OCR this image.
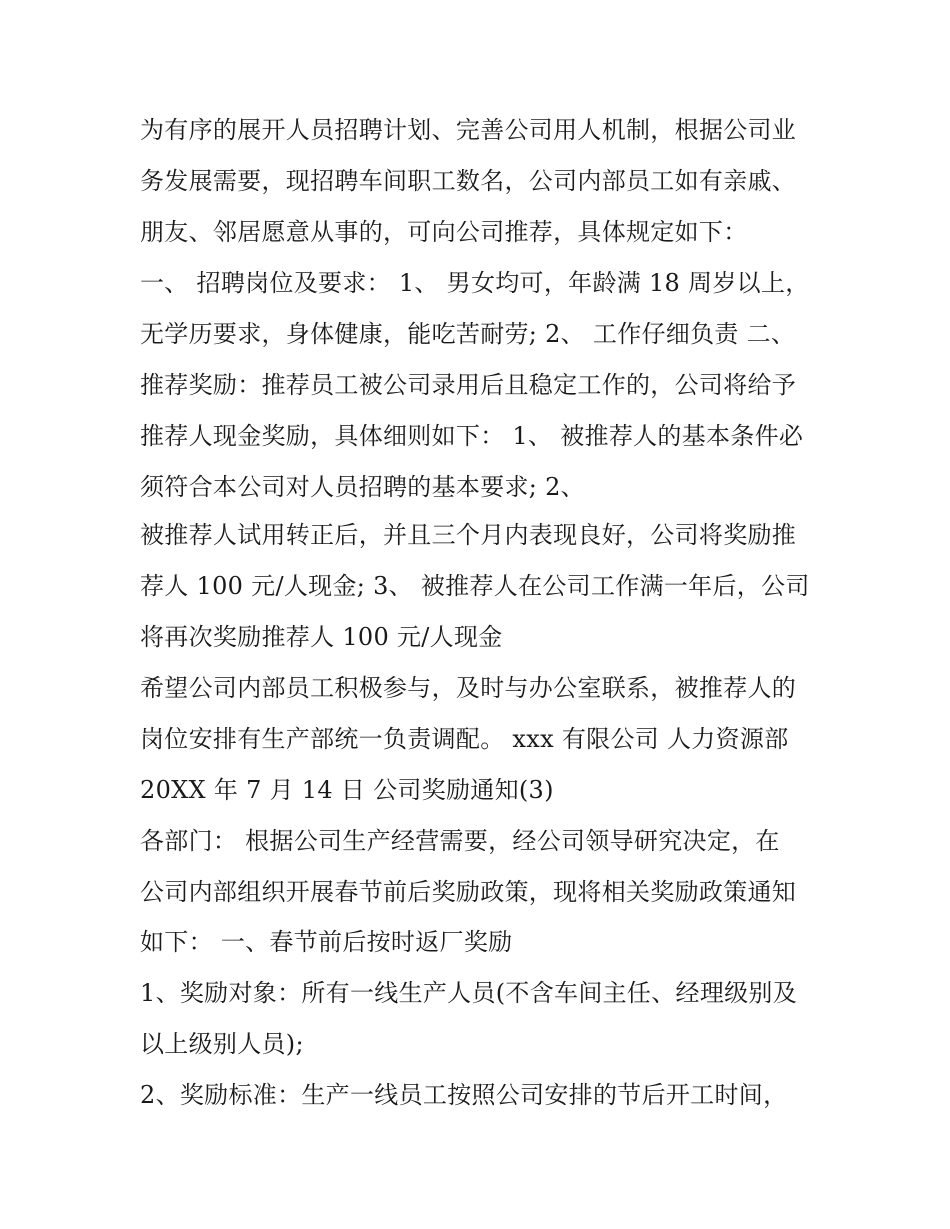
为有序的展开人员招聘计划、完善公司用人机制，根据公司业
务发展需要，现招聘车间职工数名，公司内部员工如有亲戚、
朋友、邻居愿意从事的，可向公司推荐，具体规定如下：
一、 招聘岗位及要求： 1、 男女均可，年龄满 18 周岁以上，
无学历要求，身体健康，能吃苦耐劳; 2、 工作仔细负责 二、
推荐奖励：推荐员工被公司录用后且稳定工作的，公司将给予
推荐人现金奖励，具体细则如下： 1、 被推荐人的基本条件必
须符合本公司对人员招聘的基本要求; 2、
被推荐人试用转正后，并且三个月内表现良好，公司将奖励推
荐人 100 元/人现金; 3、 被推荐人在公司工作满一年后，公司
将再次奖励推荐人 100 元/人现金
希望公司内部员工积极参与，及时与办公室联系，被推荐人的
岗位安排有生产部统一负责调配。 xxx 有限公司 人力资源部
20XX 年 7 月 14 日 公司奖励通知(3)
各部门： 根据公司生产经营需要，经公司领导研究决定，在
公司内部组织开展春节前后奖励政策，现将相关奖励政策通知
如下： 一、春节前后按时返厂奖励
1、奖励对象：所有一线生产人员(不含车间主任、经理级别及
以上级别人员);
2、奖励标准：生产一线员工按照公司安排的节后开工时间，
